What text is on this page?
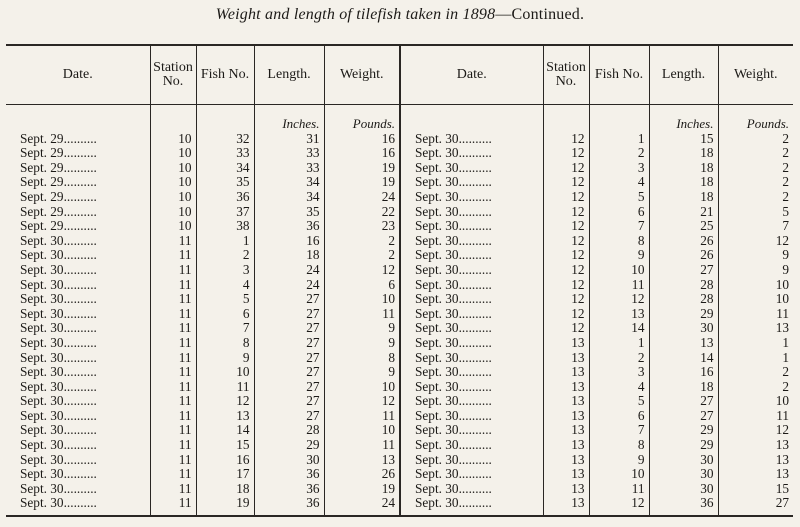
Weight and length of tilefish taken in 1898—Continued.
Date.	Station No.	Fish No.	Length.	Weight.	Date.	Station No.	Fish No.	Length.	Weight.
			Inches.	Pounds.				Inches.	Pounds.
Sept. 29..........	10	32	31	16	Sept. 30..........	12	1	15	2
Sept. 29..........	10	33	33	16	Sept. 30..........	12	2	18	2
Sept. 29..........	10	34	33	19	Sept. 30..........	12	3	18	2
Sept. 29..........	10	35	34	19	Sept. 30..........	12	4	18	2
Sept. 29..........	10	36	34	24	Sept. 30..........	12	5	18	2
Sept. 29..........	10	37	35	22	Sept. 30..........	12	6	21	5
Sept. 29..........	10	38	36	23	Sept. 30..........	12	7	25	7
Sept. 30..........	11	1	16	2	Sept. 30..........	12	8	26	12
Sept. 30..........	11	2	18	2	Sept. 30..........	12	9	26	9
Sept. 30..........	11	3	24	12	Sept. 30..........	12	10	27	9
Sept. 30..........	11	4	24	6	Sept. 30..........	12	11	28	10
Sept. 30..........	11	5	27	10	Sept. 30..........	12	12	28	10
Sept. 30..........	11	6	27	11	Sept. 30..........	12	13	29	11
Sept. 30..........	11	7	27	9	Sept. 30..........	12	14	30	13
Sept. 30..........	11	8	27	9	Sept. 30..........	13	1	13	1
Sept. 30..........	11	9	27	8	Sept. 30..........	13	2	14	1
Sept. 30..........	11	10	27	9	Sept. 30..........	13	3	16	2
Sept. 30..........	11	11	27	10	Sept. 30..........	13	4	18	2
Sept. 30..........	11	12	27	12	Sept. 30..........	13	5	27	10
Sept. 30..........	11	13	27	11	Sept. 30..........	13	6	27	11
Sept. 30..........	11	14	28	10	Sept. 30..........	13	7	29	12
Sept. 30..........	11	15	29	11	Sept. 30..........	13	8	29	13
Sept. 30..........	11	16	30	13	Sept. 30..........	13	9	30	13
Sept. 30..........	11	17	36	26	Sept. 30..........	13	10	30	13
Sept. 30..........	11	18	36	19	Sept. 30..........	13	11	30	15
Sept. 30..........	11	19	36	24	Sept. 30..........	13	12	36	27
